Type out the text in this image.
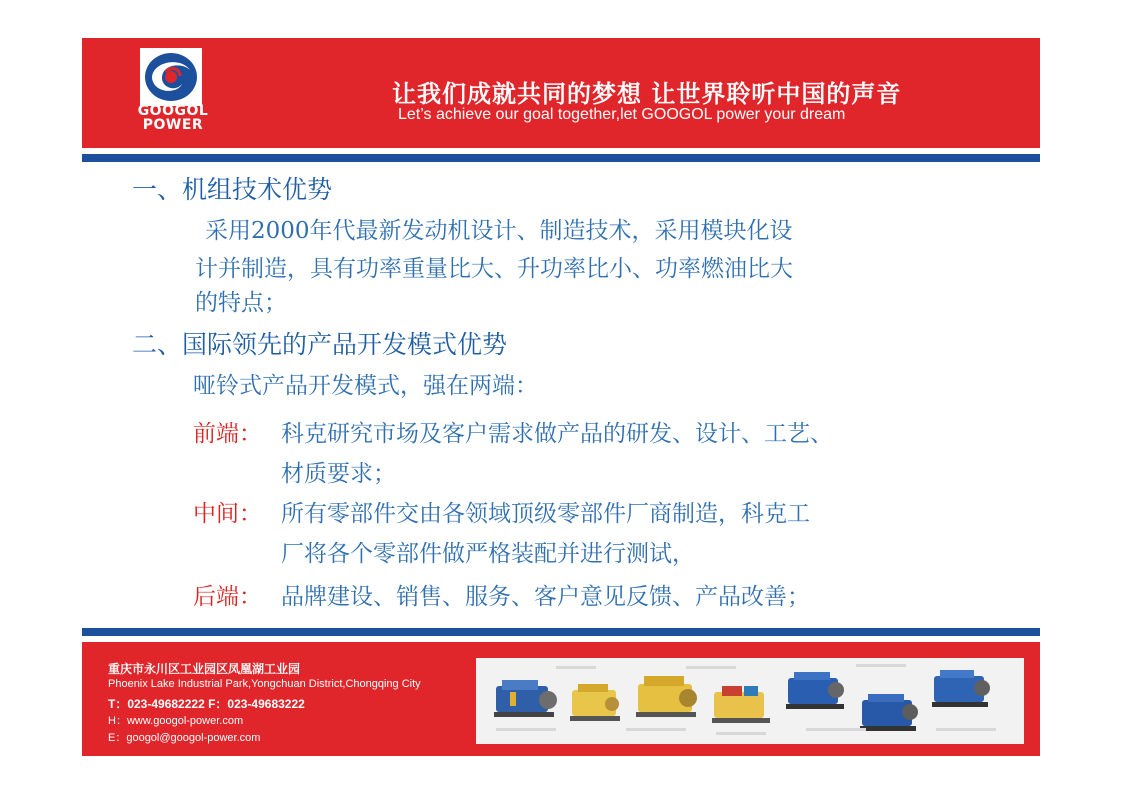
GOOGOL
POWER
让我们成就共同的梦想 让世界聆听中国的声音
Let’s achieve our goal together,let GOOGOL power your dream
一、机组技术优势
采用2000年代最新发动机设计、制造技术，采用模块化设
计并制造，具有功率重量比大、升功率比小、功率燃油比大
的特点；
二、国际领先的产品开发模式优势
哑铃式产品开发模式，强在两端：
前端： 科克研究市场及客户需求做产品的研发、设计、工艺、
材质要求；
中间： 所有零部件交由各领域顶级零部件厂商制造，科克工
厂将各个零部件做严格装配并进行测试，
后端： 品牌建设、销售、服务、客户意见反馈、产品改善；
重庆市永川区工业园区凤凰湖工业园
Phoenix Lake Industrial Park,Yongchuan District,Chongqing City
T：023-49682222 F：023-49683222
H：www.googol-power.com
E：googol@googol-power.com
